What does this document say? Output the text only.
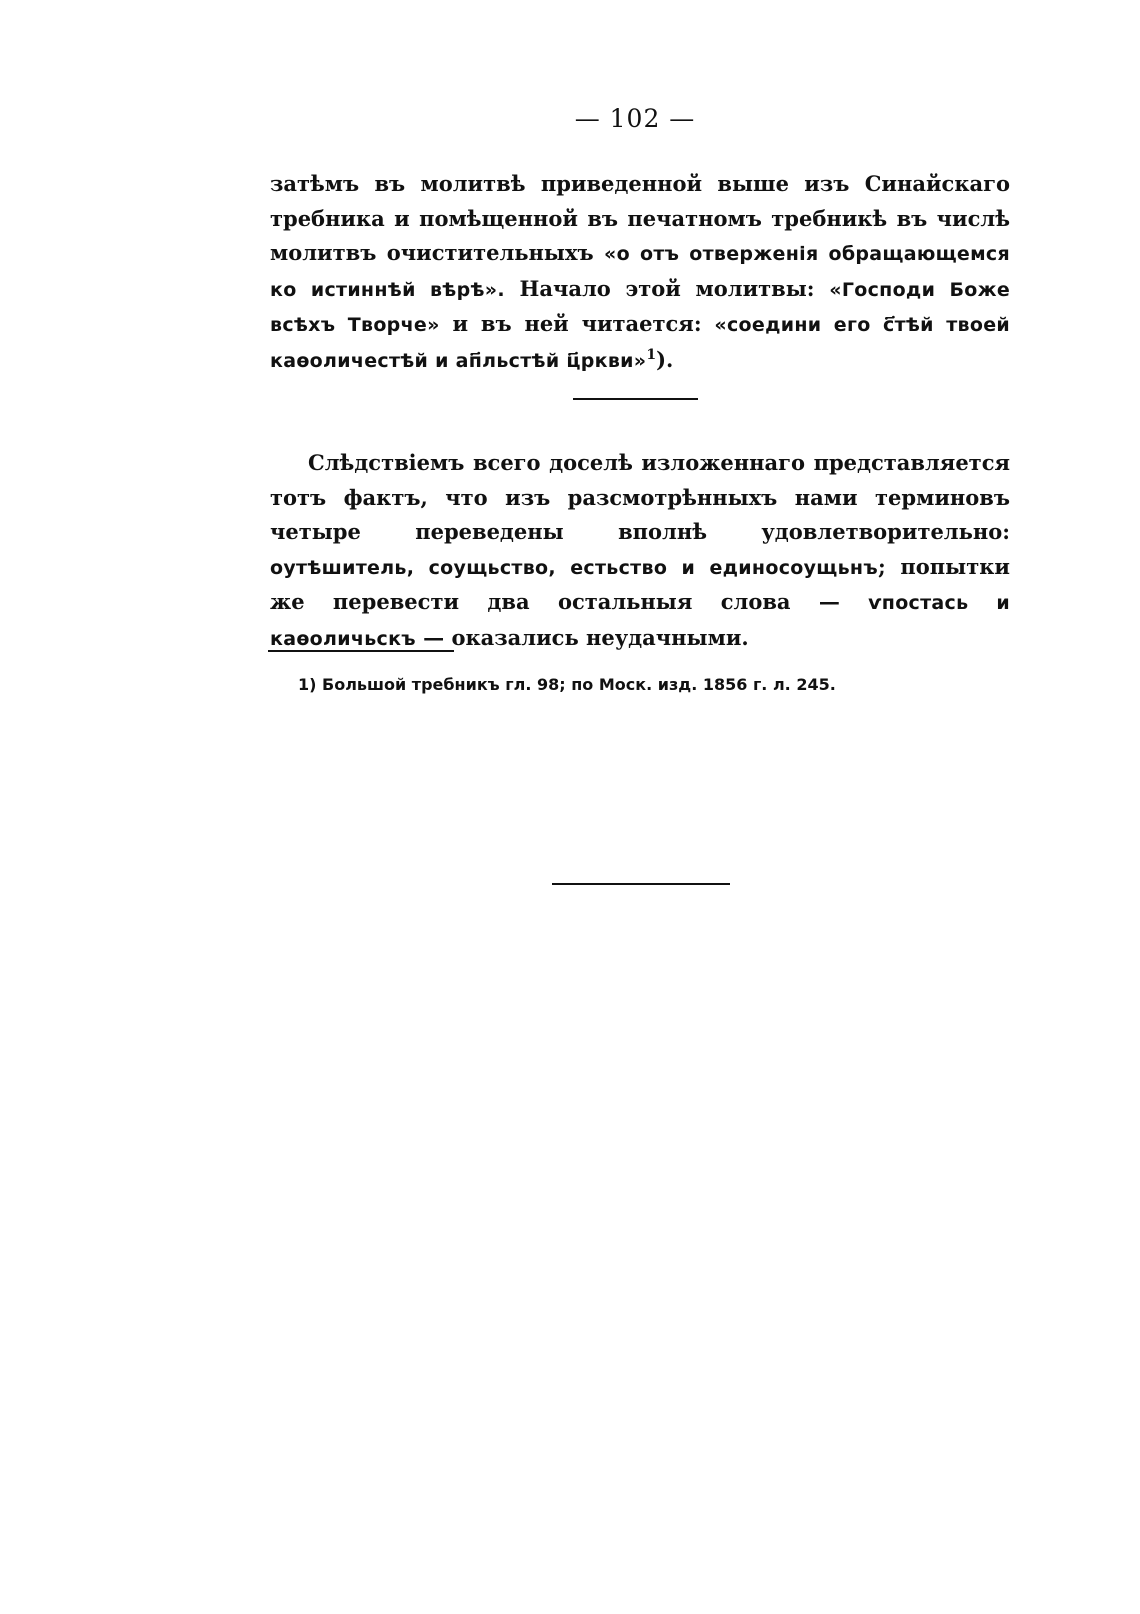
— 102 —

затѣмъ въ молитвѣ приведенной выше изъ Синайскаго требника и помѣщенной въ печатномъ требникѣ въ числѣ молитвъ очистительныхъ «о отъ отверженія обращающемся ко истиннѣй вѣрѣ». Начало этой молитвы: «Господи Боже всѣхъ Творче» и въ ней читается: «соедини его с҃тѣй твоей каѳоличестѣй и ап҃льстѣй ц҃ркви»$^1$).

Слѣдствіемъ всего доселѣ изложеннаго представляется тотъ фактъ, что изъ разсмотрѣнныхъ нами терминовъ четыре переведены вполнѣ удовлетворительно: оутѣшитель, соущьство, естьство и единосоущьнъ; попытки же перевести два остальныя слова — ѵпостась и каѳоличьскъ — оказались неудачными.

1) Большой требникъ гл. 98; по Моск. изд. 1856 г. л. 245.
